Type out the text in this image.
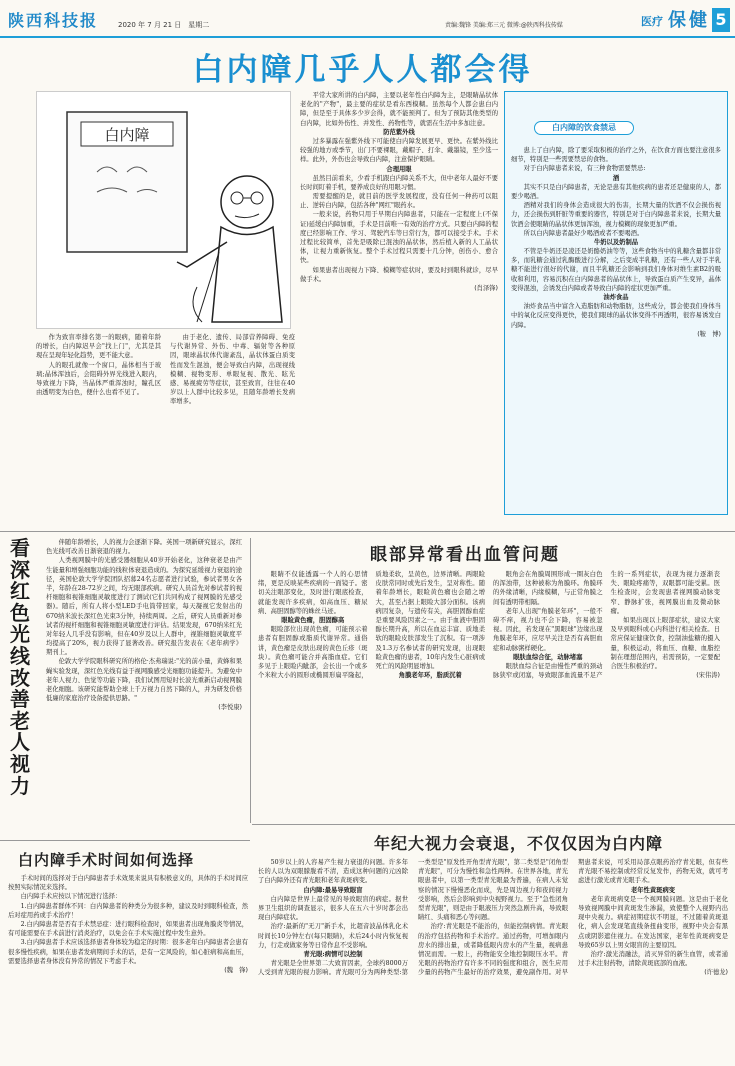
陕西科技报	2020 年 7 月 21 日　星期二	责编:魏锋 美编:郑三元 微博:@陕西科技传媒	医疗 保健 5
白内障几乎人人都会得
白内障

作为致盲率排名第一的眼病，随着年龄的增长，白内障迟早会"找上门"，尤其是其現在呈现年轻化趋势，更不能大意。

人的眼孔就像一个窗口，晶体相当于玻璃;晶体浑浊后，会阻碍外界光线进入眼内，导致视力下降，当晶体严重浑浊时，瞳孔区由透明变为白色，便什么也看不见了。

由于老化、遗传、局部营养障碍、免疫与代谢异常、外伤、中毒、辐射等各种原因，眼球晶状体代谢紊乱，晶状体蛋白质变性而发生混浊，便会导致白内障，出现视线模糊、视物变形、单眼复视、散光、眩光感、易视疲劳等症状，甚至致盲，往往在40岁以上人群中比较多见，且随年龄增长发病率增多。

平常大家所讲的白内障，主要以老年性白内障为主，是眼睛晶状体老化的"产物"，最主要的症状是看东西模糊。虽然每个人都会患白内障，但是至于具体多少岁会得，就不能预判了。但为了预防其他类型的白内障，比如外伤性、并发性、药物性等，就需在生活中多加注意。

防范紫外线

过多暴露在强紫外线下可能使白内障发展更早、更快。在紫外线比较强的地方或季节，出门不要裸眼，戴帽子、打伞、戴墨镜，至少选一样。此外，外伤也会导致白内障，注意保护眼睛。

合理用眼

虽然目前看来，少看手机跟白内障关系不大，但中老年人最好不要长时间盯着手机，要养成良好的用眼习惯。

需要提醒的是，就目前的医学发展程度，没有任何一种药可以阻止、逆转白内障，包括各种"网红"眼药水。

一般来说，药物只用于早期白内障患者，只能在一定程度上(不保证)延缓白内障加重，手术是目前唯一有效的治疗方式。只要白内障的程度已经影响工作、学习、驾驶汽车等日常行为，都可以接受手术。手术过程比较简单，首先是吸除已混浊的晶状体，然后植入新的人工晶状体，让视力重新恢复。整个手术过程只需要十几分钟，创伤小、愈合快。

如果患者出现视力下降、模糊等症状时，要及时到眼科就诊，尽早做手术。

(肖泽锋)

白内障的饮食禁忌

患上了白内障，除了要采取积极的治疗之外，在饮食方面也要注意很多细节，特别是一些需要禁忌的食物。

对于白内障患者来说，有三种食物需要禁忌:

酒

其实不只是白内障患者，无论是患有其他疾病的患者还是健康的人，都要少喝酒。

酒精对我们的身体会造成很大的伤害，长期大量的饮酒不仅会损伤视力，还会损伤到肝脏等重要的器官，特别是对于白内障患者来说，长期大量饮酒会使眼睛的晶状体更加浑浊，视力模糊的现象更加严重。

所以白内障患者最好少喝酒或者不要喝酒。

牛奶以及奶制品

不管是牛奶还是凌还是奶酪奶油等等，这些食物当中的乳糖含量都非常多，而乳糖会通过乳酶酸进行分解，之后变成半乳糖，还有一些人对于半乳糖不能进行很好的代谢，而且半乳糖还会影响到我们身体对维生素B2的吸收和利用，容易沉积在白内障患者的晶状体上，导致蛋白质产生变异，晶体变得混浊，会诱发白内障或者导致白内障的症状更加严重。

油炸食品

油炸食品当中富含入造脂肪和动物脂肪，这些成分，都会使我们身体当中的氧化反应变得更快，使我们眼球的晶状体变得不再透明，很容易诱发白内障。

(鞍　博)

看深红色光线改善老人视力

伴随年龄增长，人的视力会逐渐下降。英国一项新研究显示，深红色光线可改善日渐衰退的视力。

人类视网膜中的光感受器细胞从40岁开始老化，这种衰老是由产生能量和增强细胞功能的线粒体衰退造成的。为探究延缓视力衰退的途径，英国伦敦大学学院团队招募24名志愿者进行试验，参试者男女各半，年龄在28-72岁之间，均无眼部疾病。研究人员首先对参试者的视杆细胞和视锥细胞灵敏度进行了测试(它们共同构成了视网膜的光感受器)。随后，所有人将小型LED手电筒带回家，每天凝视它发射出的670纳米波长深红色光束3分钟，持续两周。之后，研究人员重新对参试者的视杆细胞和视锥细胞灵敏度进行评估。结果发现，670纳米红光对年轻人几乎没有影响，但在40岁及以上人群中，视锥细胞灵敏度平均提高了20%，视力获得了显著改善。研究报告发表在《老年病学》期刊上。

伦敦大学学院眼科研究所的格伦·杰弗瑞说:"光的前小量，黄蜂和果蝇实验发现，深红色光线有益于视网膜感受光细胞功能提升。为避免中老年人视力、色觉等功能下降，我们试图用短时长波光重新启动视网膜老化细胞。该研究能帮助全球上千万视力自然下降的人，并为研发价格低廉的家庭治疗设备提供思路。"

(李悦康)

眼部异常看出血管问题

眼睛不仅能透露一个人的心思情绪，更是反映某些疾病的一面镜子。密切关注眼部变化，及时进行眼底检查，就能发现许多疾病，如高血压、糖尿病、高胆固醇等的蛛丝马迹。

眼睑黄色瘤，胆固醇高

眼睑部位出现黄色瘤，可能预示着患者有胆固醇或脂质代谢异常。通俗讲，黄色瘤是皮肤出现的黄色丘疹（斑块）。黄色瘤可能合并高脂血症。它们多见于上眼睑内眦部，会长出一个或多个米粒大小的圆形或椭圆形扁平隆起，质地柔软，呈黄色，边界清晰。两眼睑皮肤常同时或先后发生，呈对称性。随着年龄增长，眼睑黄色瘤也会随之增大，甚至占据上眼睑大部分面积。该病病因复杂，与遗传有关，高胆固醇血症是重要风险因素之一。由于血液中胆固醇长期升高，所以在血运丰富、质地柔软的眼睑皮肤部发生了沉积。有一项涉及1.3万名参试者的研究发现，出现眼睑黄色瘤的患者，10年内发生心脏病或死亡的风险明显增加。

角膜老年环，脂质沉着

眼角会在角膜周围形成一圈灰白色的浑浊带，这种被称为角膜环。角膜环的外缘清晰，内缘模糊，与正常角膜之间有透明带相隔。

老年人出现"角膜老年环"，一般不碍不痒，视力也不会下降，容易被忽视。因此，若发现在"黑眼球"边缘出现角膜老年环，应尽早关注是否有高胆血症和动脉粥样硬化。

眼肤血综合征，动脉堵塞

眼肤血综合征是由慢性严重的颈动脉狭窄或闭塞，导致眼部血流量不足产生的一系列症状，表现为视力逐渐丧失、眼睑疼痛等，双眼都可能受累。医生检查时，会发现患者视网膜动脉变窄、静脉扩张，视网膜出血及微动脉瘤。

如果出现以上眼部症状，建议大家及早到眼科或心内科进行相关检查。日常应保证健康饮食，控制油盐糖的摄入量，积极运动，将血压、血糖、血脂控制在理想范围内，若需预防，一定要配合医生积极治疗。

(宋伟涛)

年纪大视力会衰退，不仅仅因为白内障

50岁以上的人容易产生视力衰退的问题。许多年长的人以为双眼朦胧看不清，造成这种问题的元凶除了白内障外还有青光眼和老年黄斑病变。

白内障:最易导致眼盲

白内障是世界上最常见的导致眼盲的病症。据世界卫生组织的调查显示，很多人在五六十岁时都会出现白内障症状。

治疗:最新的"无刀"新手术，比超音波晶体乳化术时间长10分钟左右(每只眼睛)，术后24小时内恢复视力，行走或做家务等日常作息不受影响。

青光眼:病情可以控制

青光眼是全世界第二大致盲因素，全球约8000万人受到青光眼的视力影响。青光眼可分为两种类型:第一类型是"原发性开角型青光眼"，第二类型是"闭角型青光眼"，可分为慢性和急性两种。在世界各地，青光眼患者中，以第一类型青光眼最为普遍，在病人未觉察的情况下慢慢恶化而成，先是周边视力和夜间视力受影响，然后会影响到中央视野视力。至于"急性闭角型青光眼"，则是由于眼液压力突然急剧升高，导致眼睛红、头痛和恶心等问题。

治疗:青光眼是不能治的，但能控制病情。青光眼的治疗包括药物和手术治疗。通过药物，可增加眼内房水的排出量，或者降低眼内房水的产生量，视病患情况而需。一般上，药物能安全地控制眼压水平。青光眼的药物治疗有许多不同的强度和组合，医生应用少量的药物产生最好的治疗效果，避免副作用。对早期患者来说，可采用局部点眼药治疗青光眼，但有些青光眼不易控制或经常反复发作，药物无效，就可考虑进行激光或青光眼手术。

老年性黄斑病变

老年黄斑病变是一个视网膜问题。这是由于老化导致视网膜中间黄斑发生渗漏，致使整个人视野内出现中央视力。病症初期症状不明显，不过随着黄斑退化，病人会发现笔直线条扭曲变形，视野中央会有黑点或阴影遮住视力。在发达国家，老年性黄斑病变是导致65岁以上男女眼盲的主要原因。

治疗:激光消融法，消灭异常的新生血管，或者通过手术注射药物，清除黄斑底部的血液。

(许德龙)

白内障手术时间如何选择

手术时间的选择对于白内障患者手术效果来说具有积极意义的，具体的手术时间应按照实际情况来选择。

白内障手术应按以下情况进行选择：

1.白内障患者群体不同：白内障患者的种类分为很多种，建议及时到眼科检查，然后对症用药或手术治疗！

2.白内障患者是否有手术禁忌症：进行眼科检查时，如果患者出现角膜炎等情况，有可能需要在手术前进行消炎治疗，以免会在手术实施过程中发生意外。

3.白内障患者手术应该选择患者身体较为稳定的时期：很多老年白内障患者会患有很多慢性疾病，如果在患者发病期间手术的话，是有一定风险的，如心脏病和高血压，需要选择患者身体没有异常的情况下考虑手术。

(魏　锋)
